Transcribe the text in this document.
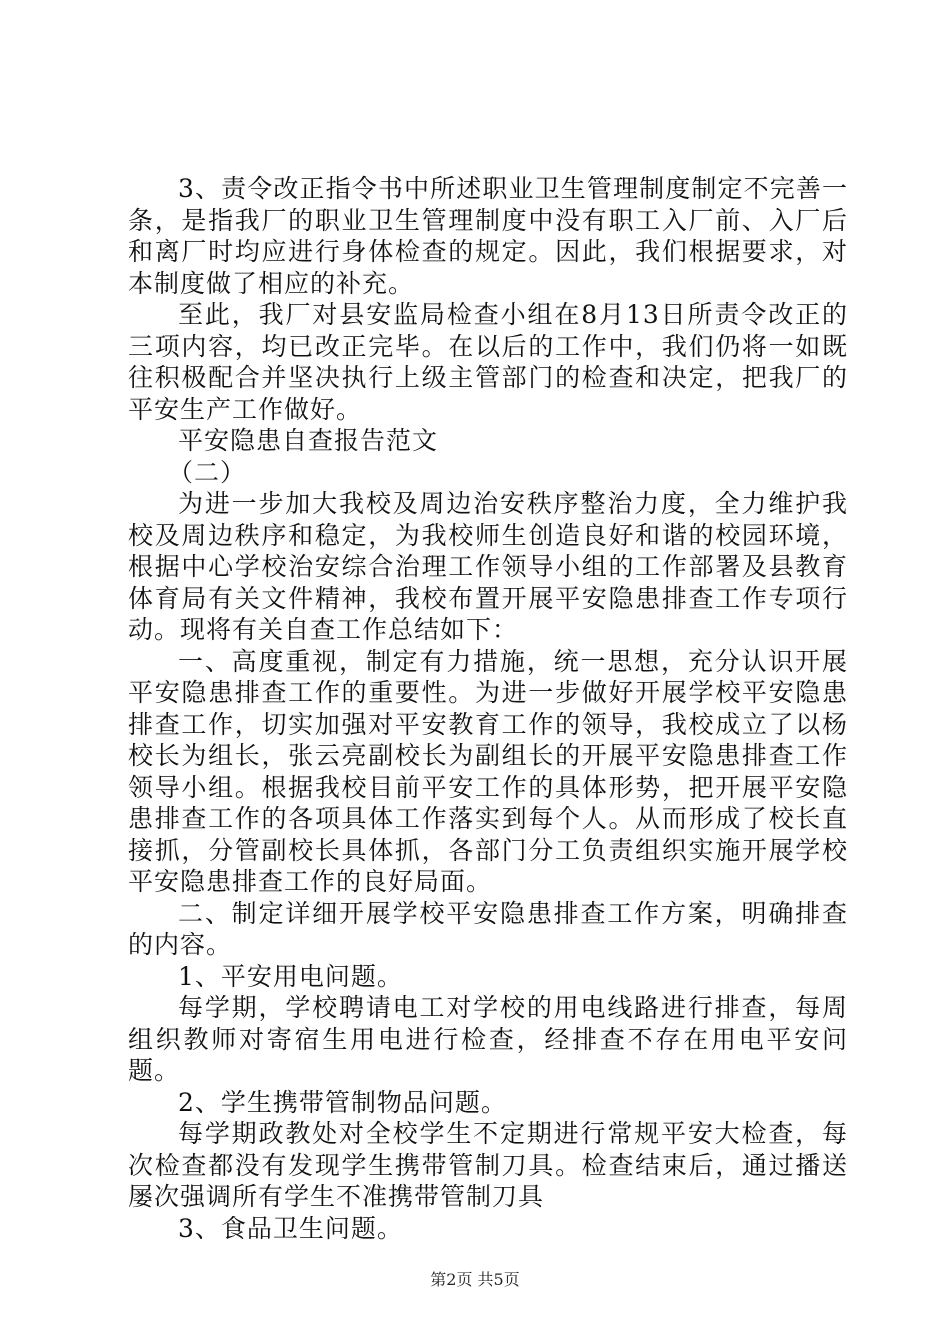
3、责令改正指令书中所述职业卫生管理制度制定不完善一条，是指我厂的职业卫生管理制度中没有职工入厂前、入厂后和离厂时均应进行身体检查的规定。因此，我们根据要求，对本制度做了相应的补充。

至此，我厂对县安监局检查小组在8月13日所责令改正的三项内容，均已改正完毕。在以后的工作中，我们仍将一如既往积极配合并坚决执行上级主管部门的检查和决定，把我厂的平安生产工作做好。

平安隐患自查报告范文

（二）

为进一步加大我校及周边治安秩序整治力度，全力维护我校及周边秩序和稳定，为我校师生创造良好和谐的校园环境，根据中心学校治安综合治理工作领导小组的工作部署及县教育体育局有关文件精神，我校布置开展平安隐患排查工作专项行动。现将有关自查工作总结如下：

一、高度重视，制定有力措施，统一思想，充分认识开展平安隐患排查工作的重要性。为进一步做好开展学校平安隐患排查工作，切实加强对平安教育工作的领导，我校成立了以杨校长为组长，张云亮副校长为副组长的开展平安隐患排查工作领导小组。根据我校目前平安工作的具体形势，把开展平安隐患排查工作的各项具体工作落实到每个人。从而形成了校长直接抓，分管副校长具体抓，各部门分工负责组织实施开展学校平安隐患排查工作的良好局面。

二、制定详细开展学校平安隐患排查工作方案，明确排查的内容。

1、平安用电问题。

每学期，学校聘请电工对学校的用电线路进行排查，每周组织教师对寄宿生用电进行检查，经排查不存在用电平安问题。

2、学生携带管制物品问题。

每学期政教处对全校学生不定期进行常规平安大检查，每次检查都没有发现学生携带管制刀具。检查结束后，通过播送屡次强调所有学生不准携带管制刀具

3、食品卫生问题。

第2页 共5页
